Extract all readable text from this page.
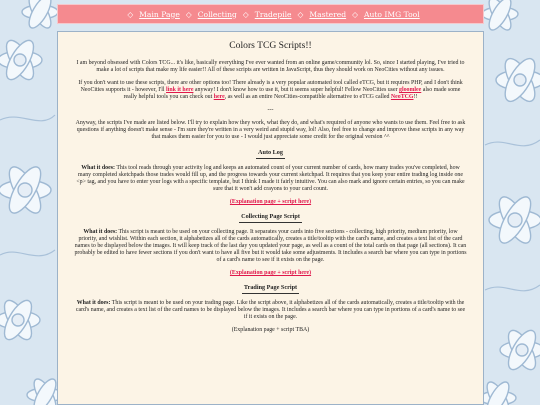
◇ Main Page ◇ Collecting ◇ Tradepile ◇ Mastered ◇ Auto IMG Tool
Colors TCG Scripts!!

I am beyond obsessed with Colors TCG... it's like, basically everything I've ever wanted from an online game/community lol. So, since I started playing, I've tried to make a lot of scripts that make my life easier!! All of these scripts are written in JavaScript, thus they should work on NeoCities without any issues.

If you don't want to use these scripts, there are other options too! There already is a very popular automated tool called eTCG, but it requires PHP, and I don't think NeoCities supports it - however, I'll link it here anyway! I don't know how to use it, but it seems super helpful! Fellow NeoCities user gloomlee also made some really helpful tools you can check out here, as well as an entire NeoCities-compatible alternative to eTCG called NeoTCG!!

---

Anyway, the scripts I've made are listed below. I'll try to explain how they work, what they do, and what's required of anyone who wants to use them. Feel free to ask questions if anything doesn't make sense - I'm sure they're written in a very weird and stupid way, lol! Also, feel free to change and improve these scripts in any way that makes them easier for you to use - I would just appreciate some credit for the original version ^^

Auto Log

What it does: This tool reads through your activity log and keeps an automated count of your current number of cards, how many trades you've completed, how many completed sketchpads those trades would fill up, and the progress towards your current sketchpad. It requires that you keep your entire trading log inside one <p> tag, and you have to enter your logs with a specific template, but I think I made it fairly intuitive. You can also mark and ignore certain entries, so you can make sure that it won't add crayons to your card count.

(Explanation page + script here)

Collecting Page Script

What it does: This script is meant to be used on your collecting page. It separates your cards into five sections - collecting, high priority, medium priority, low priority, and wishlist. Within each section, it alphabetizes all of the cards automatically, creates a title/tooltip with the card's name, and creates a text list of the card names to be displayed below the images. It will keep track of the last day you updated your page, as well as a count of the total cards on that page (all sections). It can probably be edited to have fewer sections if you don't want to have all five but it would take some adjustments. It includes a search bar where you can type in portions of a card's name to see if it exists on the page.

(Explanation page + script here)

Trading Page Script

What it does: This script is meant to be used on your trading page. Like the script above, it alphabetizes all of the cards automatically, creates a title/tooltip with the card's name, and creates a text list of the card names to be displayed below the images. It includes a search bar where you can type in portions of a card's name to see if it exists on the page.

(Explanation page + script TBA)
